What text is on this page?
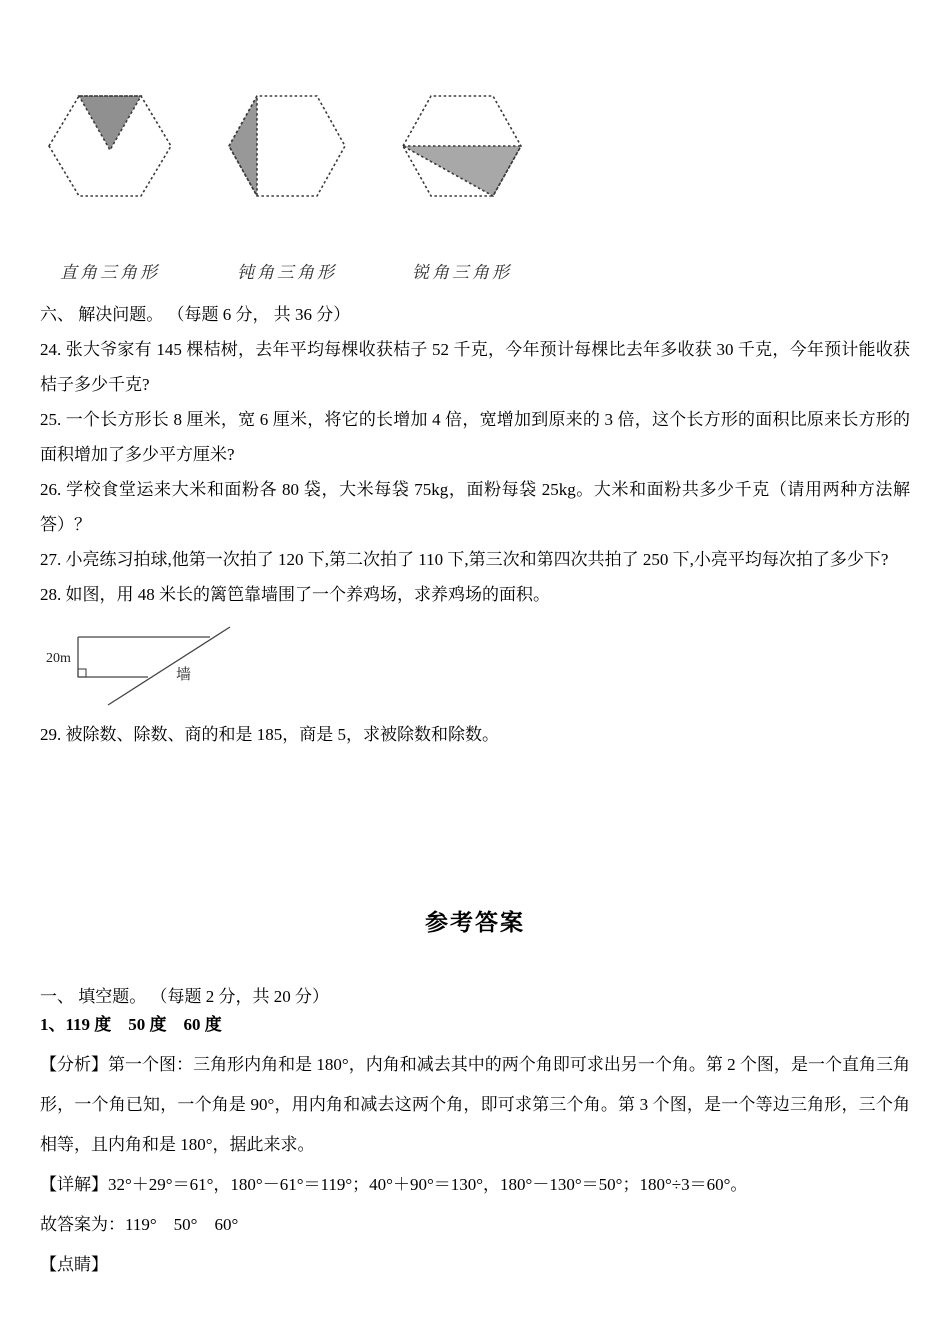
直角三角形	钝角三角形	锐角三角形

六、 解决问题。 （每题 6 分， 共 36 分）

24. 张大爷家有 145 棵桔树，去年平均每棵收获桔子 52 千克，今年预计每棵比去年多收获 30 千克，今年预计能收获桔子多少千克?

25. 一个长方形长 8 厘米，宽 6 厘米，将它的长增加 4 倍，宽增加到原来的 3 倍，这个长方形的面积比原来长方形的面积增加了多少平方厘米?

26. 学校食堂运来大米和面粉各 80 袋，大米每袋 75kg，面粉每袋 25kg。大米和面粉共多少千克（请用两种方法解答）？

27. 小亮练习拍球,他第一次拍了 120 下,第二次拍了 110 下,第三次和第四次共拍了 250 下,小亮平均每次拍了多少下?

28. 如图，用 48 米长的篱笆靠墙围了一个养鸡场，求养鸡场的面积。

20m
墙

29. 被除数、除数、商的和是 185，商是 5，求被除数和除数。

参考答案

一、 填空题。 （每题 2 分，共 20 分）

1、119 度　50 度　60 度

【分析】第一个图：三角形内角和是 180°，内角和减去其中的两个角即可求出另一个角。第 2 个图，是一个直角三角形，一个角已知，一个角是 90°，用内角和减去这两个角，即可求第三个角。第 3 个图，是一个等边三角形，三个角相等，且内角和是 180°，据此来求。

【详解】32°＋29°＝61°，180°－61°＝119°；40°＋90°＝130°，180°－130°＝50°；180°÷3＝60°。

故答案为：119°　50°　60°

【点睛】
